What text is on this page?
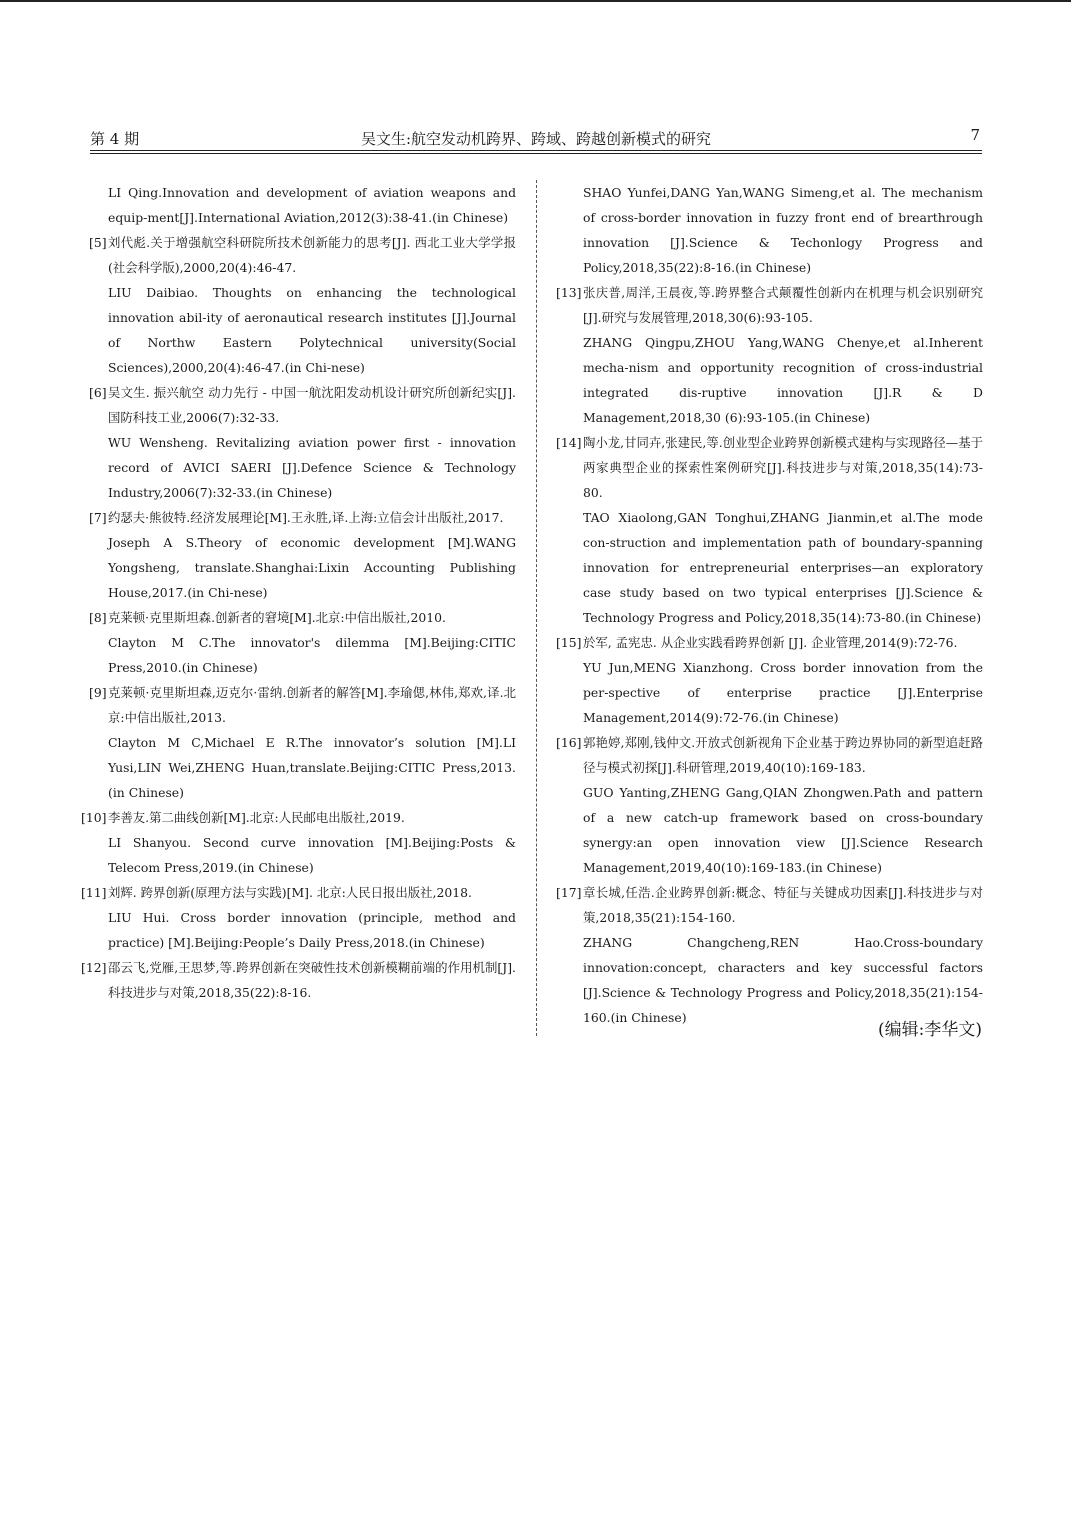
第 4 期	吴文生:航空发动机跨界、跨域、跨越创新模式的研究	7
LI Qing.Innovation and development of aviation weapons and equip-ment[J].International Aviation,2012(3):38-41.(in Chinese)
[5] 刘代彪.关于增强航空科研院所技术创新能力的思考[J]. 西北工业大学学报(社会科学版),2000,20(4):46-47.
LIU Daibiao. Thoughts on enhancing the technological innovation abil-ity of aeronautical research institutes [J].Journal of Northw Eastern Polytechnical university(Social Sciences),2000,20(4):46-47.(in Chi-nese)
[6] 吴文生. 振兴航空 动力先行 - 中国一航沈阳发动机设计研究所创新纪实[J].国防科技工业,2006(7):32-33.
WU Wensheng. Revitalizing aviation power first - innovation record of AVICI SAERI [J].Defence Science & Technology Industry,2006(7):32-33.(in Chinese)
[7] 约瑟夫·熊彼特.经济发展理论[M].王永胜,译.上海:立信会计出版社,2017.
Joseph A S.Theory of economic development [M].WANG Yongsheng, translate.Shanghai:Lixin Accounting Publishing House,2017.(in Chi-nese)
[8] 克莱顿·克里斯坦森.创新者的窘境[M].北京:中信出版社,2010.
Clayton M C.The innovator's dilemma [M].Beijing:CITIC Press,2010.(in Chinese)
[9] 克莱顿·克里斯坦森,迈克尔·雷纳.创新者的解答[M].李瑜偲,林伟,郑欢,译.北京:中信出版社,2013.
Clayton M C,Michael E R.The innovator’s solution [M].LI Yusi,LIN Wei,ZHENG Huan,translate.Beijing:CITIC Press,2013.(in Chinese)
[10] 李善友.第二曲线创新[M].北京:人民邮电出版社,2019.
LI Shanyou. Second curve innovation [M].Beijing:Posts & Telecom Press,2019.(in Chinese)
[11] 刘辉. 跨界创新(原理方法与实践)[M]. 北京:人民日报出版社,2018.
LIU Hui. Cross border innovation (principle, method and practice) [M].Beijing:People’s Daily Press,2018.(in Chinese)
[12] 邵云飞,党雁,王思梦,等.跨界创新在突破性技术创新模糊前端的作用机制[J].科技进步与对策,2018,35(22):8-16.
SHAO Yunfei,DANG Yan,WANG Simeng,et al. The mechanism of cross-border innovation in fuzzy front end of brearthrough innovation [J].Science & Techonlogy Progress and Policy,2018,35(22):8-16.(in Chinese)
[13] 张庆普,周洋,王晨夜,等.跨界整合式颠覆性创新内在机理与机会识别研究[J].研究与发展管理,2018,30(6):93-105.
ZHANG Qingpu,ZHOU Yang,WANG Chenye,et al.Inherent mecha-nism and opportunity recognition of cross-industrial integrated dis-ruptive innovation [J].R & D Management,2018,30 (6):93-105.(in Chinese)
[14] 陶小龙,甘同卉,张建民,等.创业型企业跨界创新模式建构与实现路径—基于两家典型企业的探索性案例研究[J].科技进步与对策,2018,35(14):73-80.
TAO Xiaolong,GAN Tonghui,ZHANG Jianmin,et al.The mode con-struction and implementation path of boundary-spanning innovation for entrepreneurial enterprises—an exploratory case study based on two typical enterprises [J].Science & Technology Progress and Policy,2018,35(14):73-80.(in Chinese)
[15] 於军, 孟宪忠. 从企业实践看跨界创新 [J]. 企业管理,2014(9):72-76.
YU Jun,MENG Xianzhong. Cross border innovation from the per-spective of enterprise practice [J].Enterprise Management,2014(9):72-76.(in Chinese)
[16] 郭艳婷,郑刚,钱仲文.开放式创新视角下企业基于跨边界协同的新型追赶路径与模式初探[J].科研管理,2019,40(10):169-183.
GUO Yanting,ZHENG Gang,QIAN Zhongwen.Path and pattern of a new catch-up framework based on cross-boundary synergy:an open innovation view [J].Science Research Management,2019,40(10):169-183.(in Chinese)
[17] 章长城,任浩.企业跨界创新:概念、特征与关键成功因素[J].科技进步与对策,2018,35(21):154-160.
ZHANG Changcheng,REN Hao.Cross-boundary innovation:concept, characters and key successful factors [J].Science & Technology Progress and Policy,2018,35(21):154-160.(in Chinese)
(编辑:李华文)
